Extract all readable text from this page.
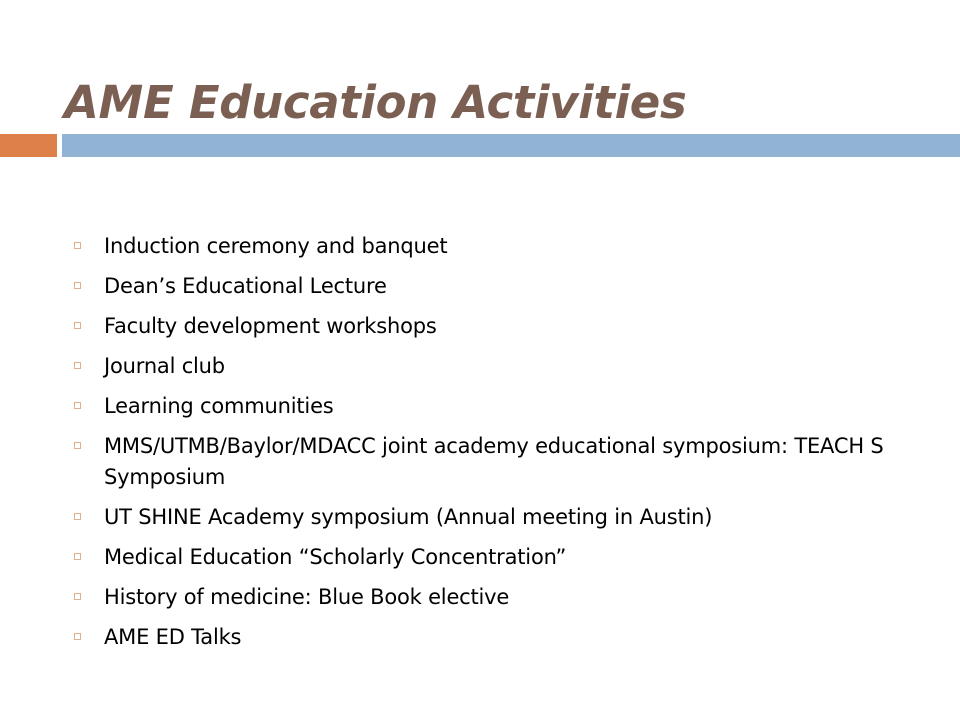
AME Education Activities
Induction ceremony and banquet
Dean’s Educational Lecture
Faculty development workshops
Journal club
Learning communities
MMS/UTMB/Baylor/MDACC joint academy educational symposium: TEACH S Symposium
UT SHINE Academy symposium (Annual meeting in Austin)
Medical Education “Scholarly Concentration”
History of medicine: Blue Book elective
AME ED Talks
